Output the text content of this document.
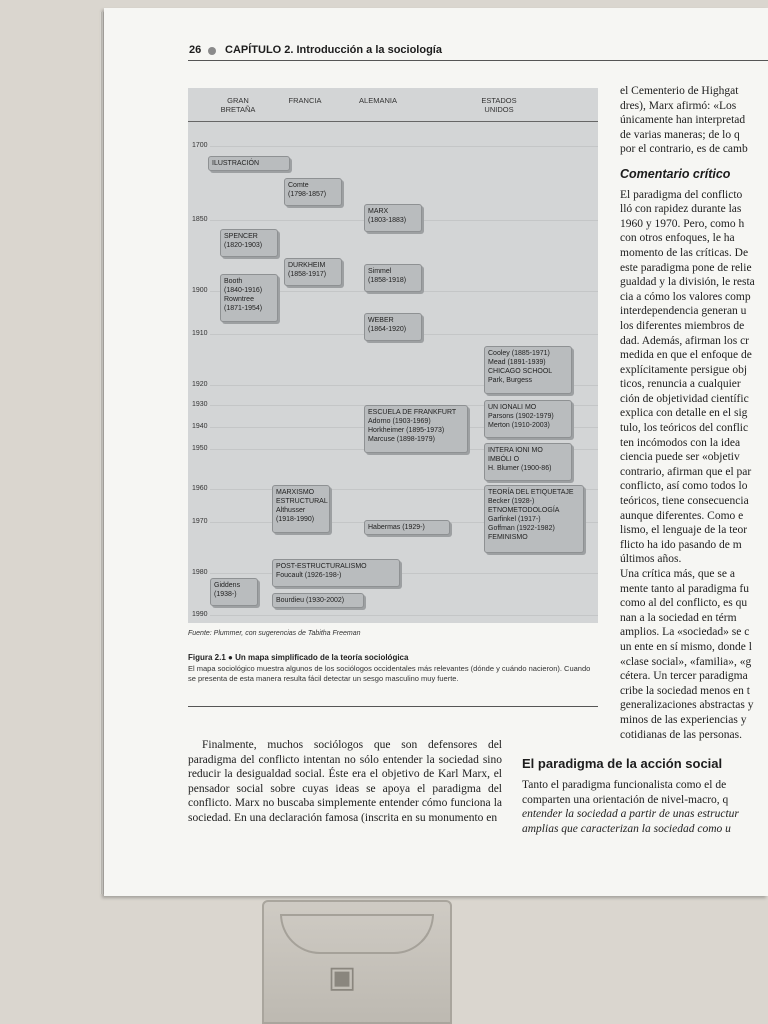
26 CAPÍTULO 2. Introducción a la sociología
GRAN BRETAÑA
FRANCIA	ALEMANIA	ESTADOS UNIDOS
1700
1850
1900
1910
1920
1930
1940
1950
1960
1970
1980
1990
ILUSTRACIÓN
Comte
(1798-1857)
MARX
(1803-1883)
SPENCER
(1820-1903)
DURKHEIM
(1858-1917)
Booth
(1840-1916)
Rowntree
(1871-1954)
Simmel
(1858-1918)
WEBER
(1864-1920)
Cooley (1885-1971)
Mead (1891-1939)
CHICAGO SCHOOL
Park, Burgess
ESCUELA DE FRANKFURT
Adorno (1903-1969)
Horkheimer (1895-1973)
Marcuse (1898-1979)
UN IONALI MO
Parsons (1902-1979)
Merton (1910-2003)
INTERA IONI MO
IMBÓLI O
H. Blumer (1900-86)
MARXISMO
ESTRUCTURAL
Althusser
(1918-1990)
TEORÍA DEL ETIQUETAJE
Becker (1928-)
ETNOMETODOLOGÍA
Garfinkel (1917-)
Goffman (1922-1982)
FEMINISMO
Habermas (1929-)
POST-ESTRUCTURALISMO
Foucault (1926-198-)
Giddens
(1938-)
Bourdieu (1930-2002)
Fuente: Plummer, con sugerencias de Tabitha Freeman
Figura 2.1 ● Un mapa simplificado de la teoría sociológica
El mapa sociológico muestra algunos de los sociólogos occidentales más relevantes (dónde y cuándo nacieron). Cuando se presenta de esta manera resulta fácil detectar un sesgo masculino muy fuerte.

Finalmente, muchos sociólogos que son defensores del paradigma del conflicto intentan no sólo entender la sociedad sino reducir la desigualdad social. Éste era el objetivo de Karl Marx, el pensador social sobre cuyas ideas se apoya el paradigma del conflicto. Marx no buscaba simplemente entender cómo funciona la sociedad. En una declaración famosa (inscrita en su monumento en

el Cementerio de Highgat
dres), Marx afirmó: «Los
únicamente han interpretad
de varias maneras; de lo q
por el contrario, es de camb
Comentario crítico
El paradigma del conflicto
lló con rapidez durante las
1960 y 1970. Pero, como h
con otros enfoques, le ha
momento de las críticas. De
este paradigma pone de relie
gualdad y la división, le resta
cia a cómo los valores comp
interdependencia generan u
los diferentes miembros de
dad. Además, afirman los cr
medida en que el enfoque de
explícitamente persigue obj
ticos, renuncia a cualquier
ción de objetividad científic
explica con detalle en el sig
tulo, los teóricos del conflic
ten incómodos con la idea
ciencia puede ser «objetiv
contrario, afirman que el par
conflicto, así como todos lo
teóricos, tiene consecuencia
aunque diferentes. Como e
lismo, el lenguaje de la teor
flicto ha ido pasando de m
últimos años.
Una crítica más, que se a
mente tanto al paradigma fu
como al del conflicto, es qu
nan a la sociedad en térm
amplios. La «sociedad» se c
un ente en sí mismo, donde l
«clase social», «familia», «g
cétera. Un tercer paradigma
cribe la sociedad menos en t
generalizaciones abstractas y
minos de las experiencias y
cotidianas de las personas.
El paradigma de la acción social
Tanto el paradigma funcionalista como el de
comparten una orientación de nivel-macro, q
entender la sociedad a partir de unas estructur
amplias que caracterizan la sociedad como u
▣
